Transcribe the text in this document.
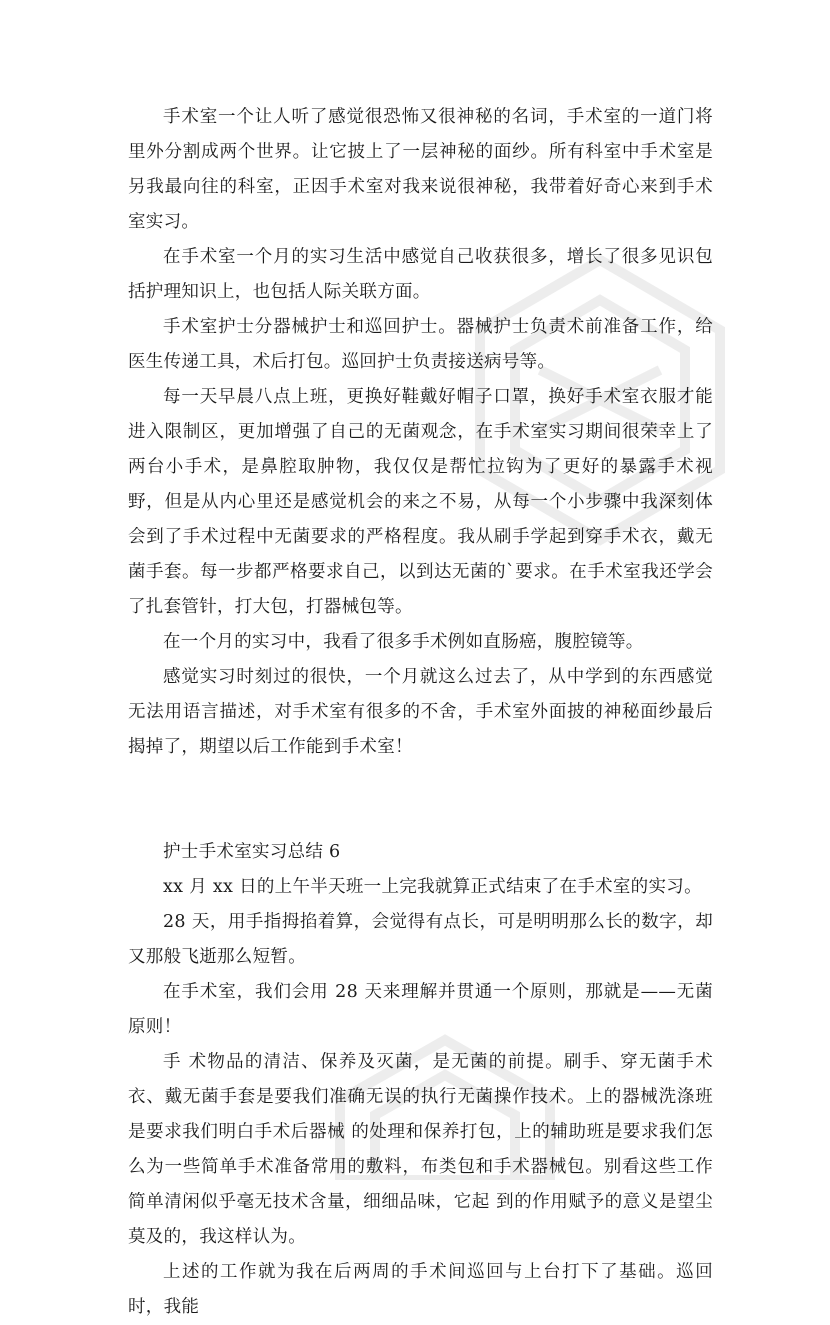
手术室一个让人听了感觉很恐怖又很神秘的名词，手术室的一道门将里外分割成两个世界。让它披上了一层神秘的面纱。所有科室中手术室是另我最向往的科室，正因手术室对我来说很神秘，我带着好奇心来到手术室实习。

在手术室一个月的实习生活中感觉自己收获很多，增长了很多见识包括护理知识上，也包括人际关联方面。

手术室护士分器械护士和巡回护士。器械护士负责术前准备工作，给医生传递工具，术后打包。巡回护士负责接送病号等。

每一天早晨八点上班，更换好鞋戴好帽子口罩，换好手术室衣服才能进入限制区，更加增强了自己的无菌观念，在手术室实习期间很荣幸上了两台小手术，是鼻腔取肿物，我仅仅是帮忙拉钩为了更好的暴露手术视野，但是从内心里还是感觉机会的来之不易，从每一个小步骤中我深刻体会到了手术过程中无菌要求的严格程度。我从刷手学起到穿手术衣，戴无菌手套。每一步都严格要求自己，以到达无菌的`要求。在手术室我还学会了扎套管针，打大包，打器械包等。

在一个月的实习中，我看了很多手术例如直肠癌，腹腔镜等。

感觉实习时刻过的很快，一个月就这么过去了，从中学到的东西感觉无法用语言描述，对手术室有很多的不舍，手术室外面披的神秘面纱最后揭掉了，期望以后工作能到手术室！

护士手术室实习总结 6

xx 月 xx 日的上午半天班一上完我就算正式结束了在手术室的实习。

28 天，用手指拇掐着算，会觉得有点长，可是明明那么长的数字，却又那般飞逝那么短暂。

在手术室，我们会用 28 天来理解并贯通一个原则，那就是——无菌原则！

手 术物品的清洁、保养及灭菌，是无菌的前提。刷手、穿无菌手术衣、戴无菌手套是要我们准确无误的执行无菌操作技术。上的器械洗涤班是要求我们明白手术后器械 的处理和保养打包，上的辅助班是要求我们怎么为一些简单手术准备常用的敷料，布类包和手术器械包。别看这些工作简单清闲似乎毫无技术含量，细细品味，它起 到的作用赋予的意义是望尘莫及的，我这样认为。

上述的工作就为我在后两周的手术间巡回与上台打下了基础。巡回时，我能
